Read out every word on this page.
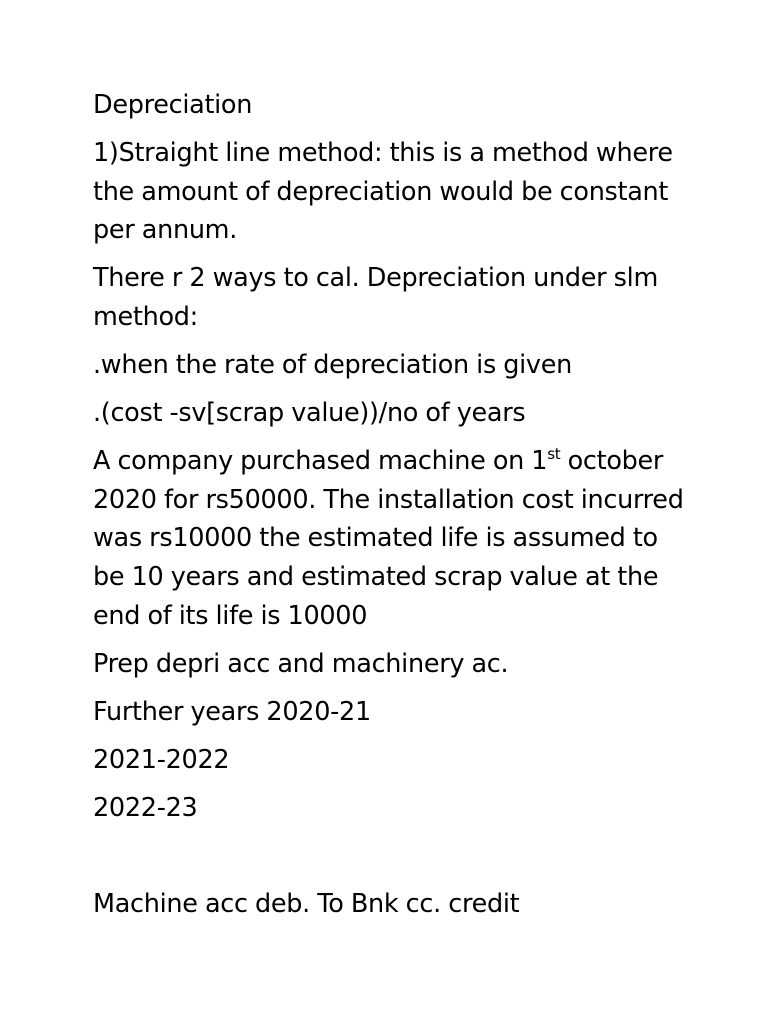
Depreciation

1)Straight line method: this is a method where the amount of depreciation would be constant per annum.

There r 2 ways to cal. Depreciation under slm method:

.when the rate of depreciation is given

.(cost -sv[scrap value))/no of years

A company purchased machine on 1st october 2020 for rs50000. The installation cost incurred was rs10000 the estimated life is assumed to be 10 years and estimated scrap value at the end of its life is 10000

Prep depri acc and machinery ac.

Further years 2020-21

2021-2022

2022-23

Machine acc deb. To Bnk cc. credit
